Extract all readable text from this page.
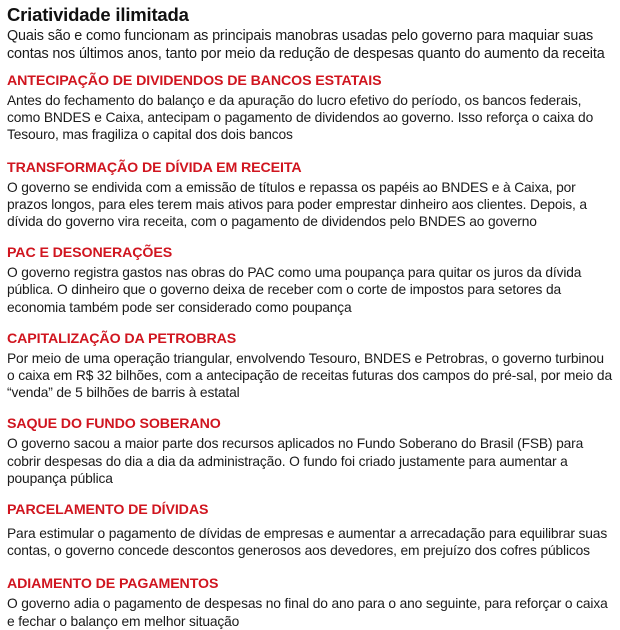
Criatividade ilimitada

Quais são e como funcionam as principais manobras usadas pelo governo para maquiar suas contas nos últimos anos, tanto por meio da redução de despesas quanto do aumento da receita

ANTECIPAÇÃO DE DIVIDENDOS DE BANCOS ESTATAIS

Antes do fechamento do balanço e da apuração do lucro efetivo do período, os bancos federais, como BNDES e Caixa, antecipam o pagamento de dividendos ao governo. Isso reforça o caixa do Tesouro, mas fragiliza o capital dos dois bancos

TRANSFORMAÇÃO DE DÍVIDA EM RECEITA

O governo se endivida com a emissão de títulos e repassa os papéis ao BNDES e à Caixa, por prazos longos, para eles terem mais ativos para poder emprestar dinheiro aos clientes. Depois, a dívida do governo vira receita, com o pagamento de dividendos pelo BNDES ao governo

PAC E DESONERAÇÕES

O governo registra gastos nas obras do PAC como uma poupança para quitar os juros da dívida pública. O dinheiro que o governo deixa de receber com o corte de impostos para setores da economia também pode ser considerado como poupança

CAPITALIZAÇÃO DA PETROBRAS

Por meio de uma operação triangular, envolvendo Tesouro, BNDES e Petrobras, o governo turbinou o caixa em R$ 32 bilhões, com a antecipação de receitas futuras dos campos do pré-sal, por meio da “venda” de 5 bilhões de barris à estatal

SAQUE DO FUNDO SOBERANO

O governo sacou a maior parte dos recursos aplicados no Fundo Soberano do Brasil (FSB) para cobrir despesas do dia a dia da administração. O fundo foi criado justamente para aumentar a poupança pública

PARCELAMENTO DE DÍVIDAS

Para estimular o pagamento de dívidas de empresas e aumentar a arrecadação para equilibrar suas contas, o governo concede descontos generosos aos devedores, em prejuízo dos cofres públicos

ADIAMENTO DE PAGAMENTOS

O governo adia o pagamento de despesas no final do ano para o ano seguinte, para reforçar o caixa e fechar o balanço em melhor situação
